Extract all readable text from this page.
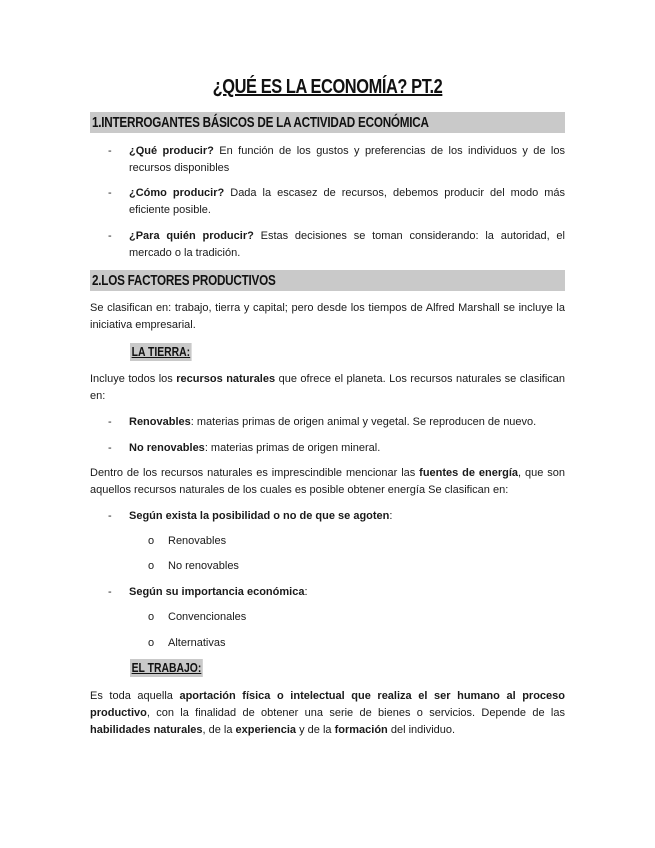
¿QUÉ ES LA ECONOMÍA? PT.2
1.INTERROGANTES BÁSICOS DE LA ACTIVIDAD ECONÓMICA
- ¿Qué producir? En función de los gustos y preferencias de los individuos y de los recursos disponibles
- ¿Cómo producir? Dada la escasez de recursos, debemos producir del modo más eficiente posible.
- ¿Para quién producir? Estas decisiones se toman considerando: la autoridad, el mercado o la tradición.
2.LOS FACTORES PRODUCTIVOS
Se clasifican en: trabajo, tierra y capital; pero desde los tiempos de Alfred Marshall se incluye la iniciativa empresarial.
LA TIERRA:
Incluye todos los recursos naturales que ofrece el planeta. Los recursos naturales se clasifican en:
- Renovables: materias primas de origen animal y vegetal. Se reproducen de nuevo.
- No renovables: materias primas de origen mineral.
Dentro de los recursos naturales es imprescindible mencionar las fuentes de energía, que son aquellos recursos naturales de los cuales es posible obtener energía Se clasifican en:
- Según exista la posibilidad o no de que se agoten:
o Renovables
o No renovables
- Según su importancia económica:
o Convencionales
o Alternativas
EL TRABAJO:
Es toda aquella aportación física o intelectual que realiza el ser humano al proceso productivo, con la finalidad de obtener una serie de bienes o servicios. Depende de las habilidades naturales, de la experiencia y de la formación del individuo.
